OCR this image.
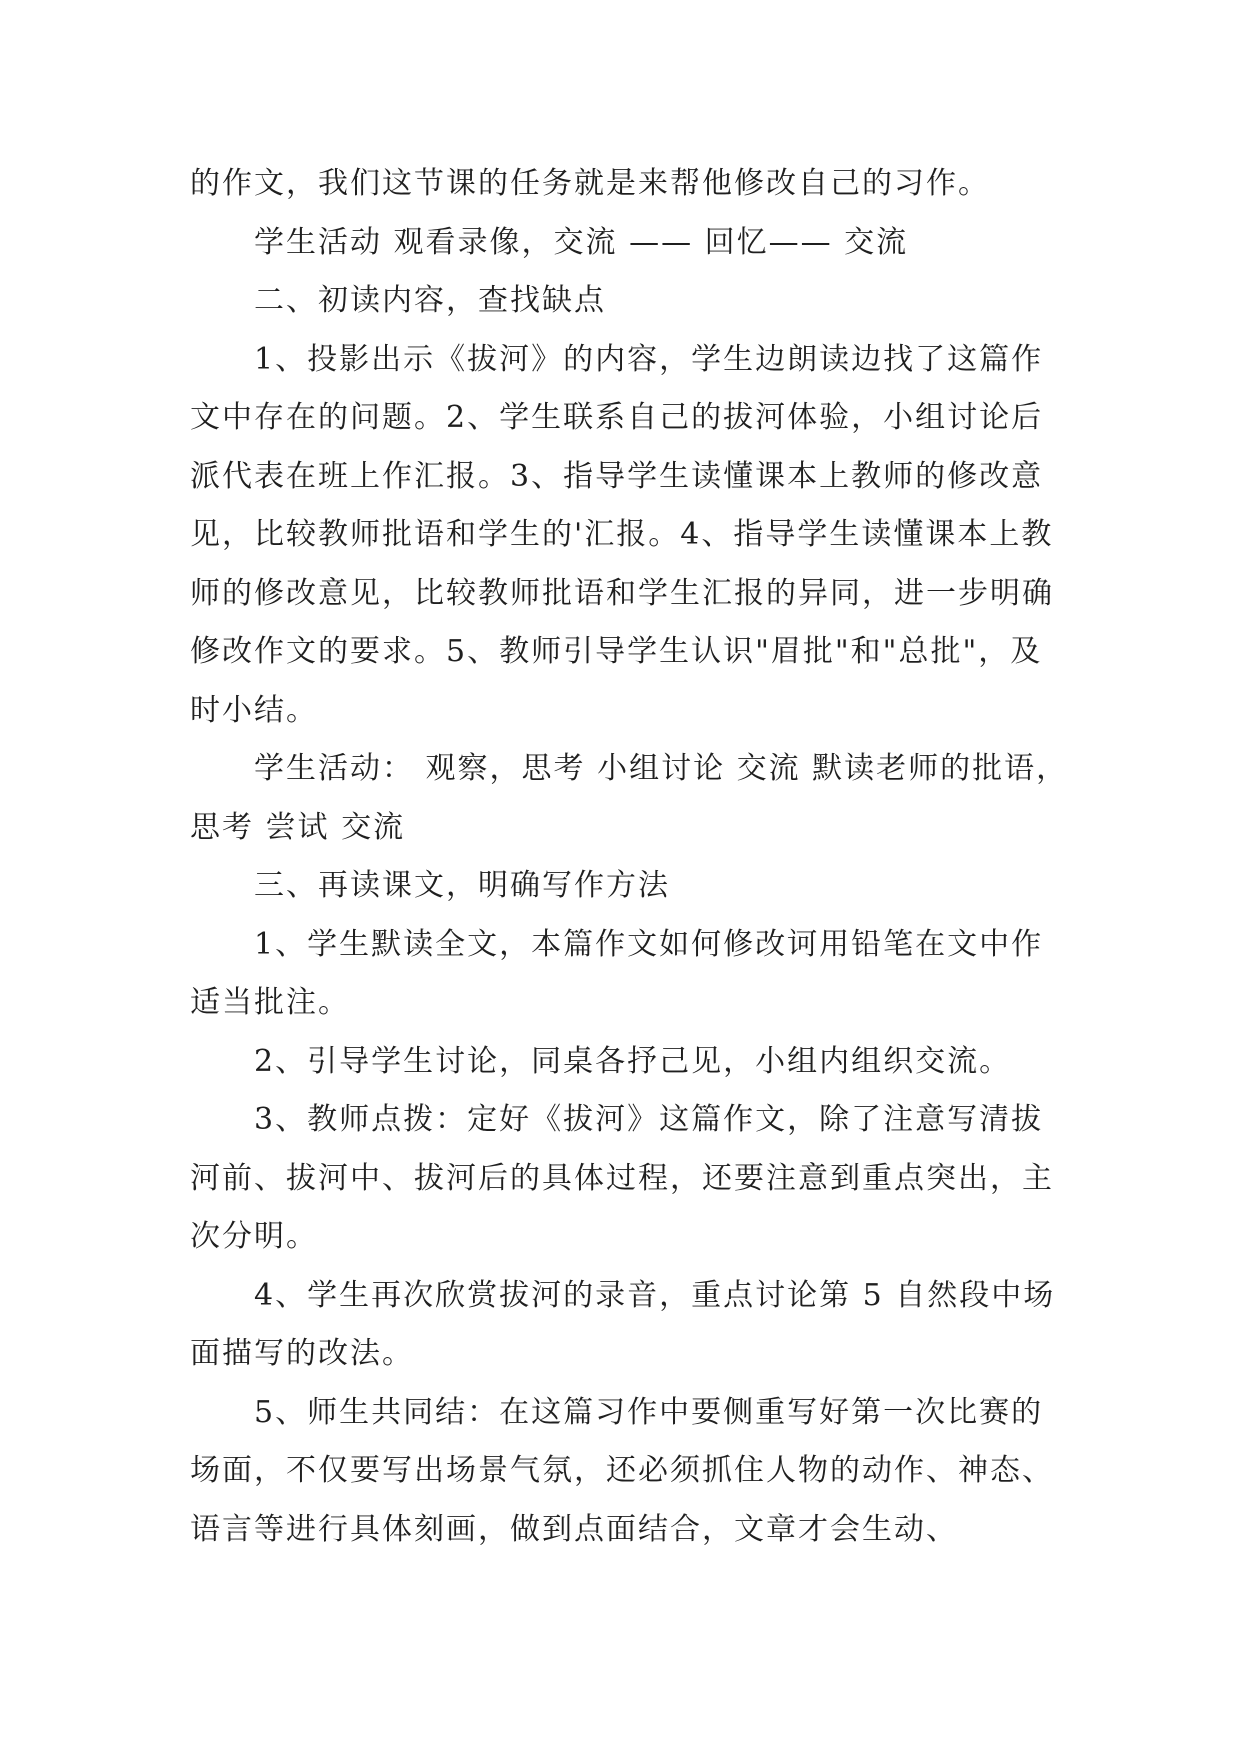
的作文，我们这节课的任务就是来帮他修改自己的习作。

学生活动 观看录像，交流 —— 回忆—— 交流

二、初读内容，查找缺点

1、投影出示《拔河》的内容，学生边朗读边找了这篇作文中存在的问题。2、学生联系自己的拔河体验，小组讨论后派代表在班上作汇报。3、指导学生读懂课本上教师的修改意见，比较教师批语和学生的'汇报。4、指导学生读懂课本上教师的修改意见，比较教师批语和学生汇报的异同，进一步明确修改作文的要求。5、教师引导学生认识"眉批"和"总批"，及时小结。

学生活动： 观察，思考 小组讨论 交流 默读老师的批语， 思考 尝试 交流

三、再读课文，明确写作方法

1、学生默读全文，本篇作文如何修改诃用铅笔在文中作适当批注。

2、引导学生讨论，同桌各抒己见，小组内组织交流。

3、教师点拨：定好《拔河》这篇作文，除了注意写清拔河前、拔河中、拔河后的具体过程，还要注意到重点突出，主次分明。

4、学生再次欣赏拔河的录音，重点讨论第 5 自然段中场面描写的改法。

5、师生共同结：在这篇习作中要侧重写好第一次比赛的场面，不仅要写出场景气氛，还必须抓住人物的动作、神态、语言等进行具体刻画，做到点面结合，文章才会生动、
